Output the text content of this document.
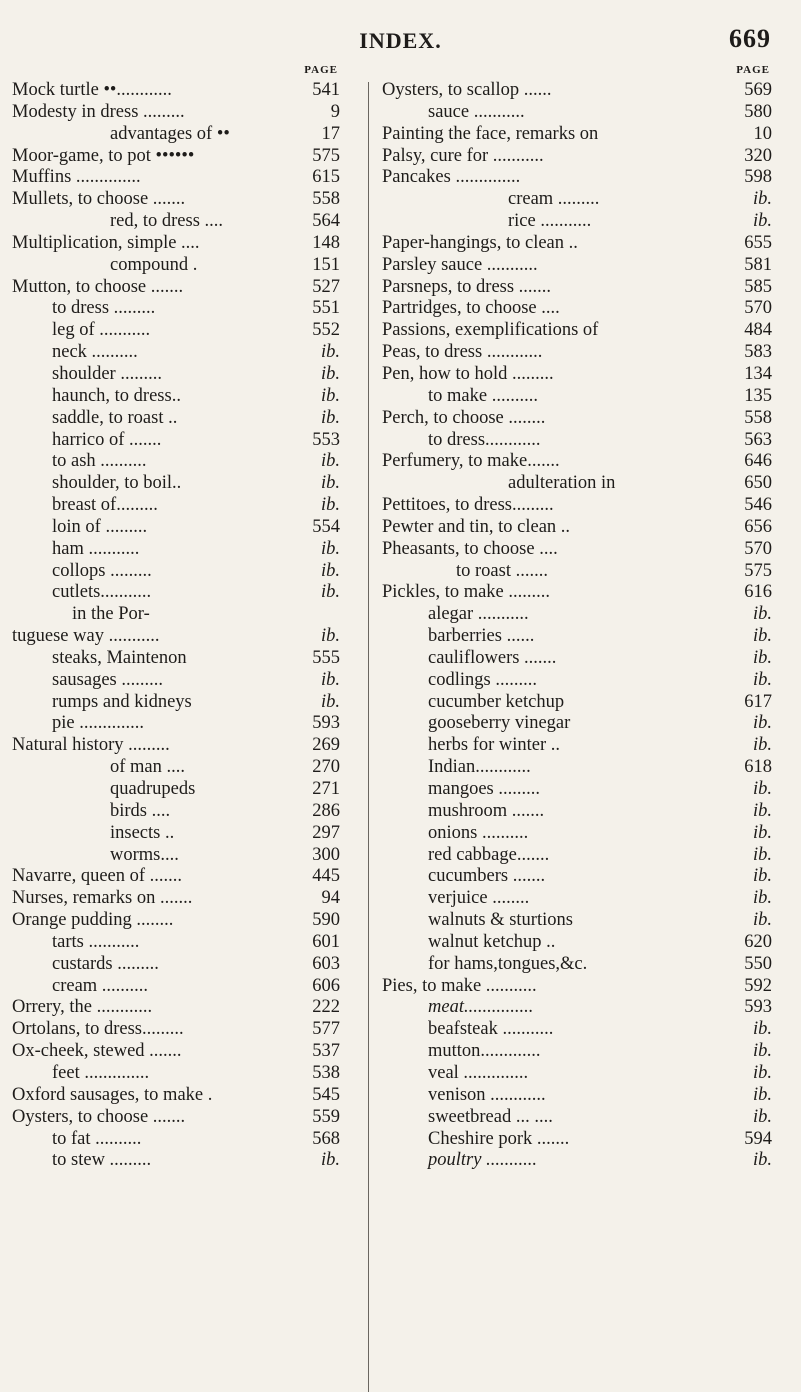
INDEX.	669
PAGE
Mock turtle ••............	541
Modesty in dress .........	9
advantages of ••	17
Moor-game, to pot ••••••	575
Muffins ..............	615
Mullets, to choose .......	558
red, to dress ....	564
Multiplication, simple ....	148
compound .	151
Mutton, to choose .......	527
to dress .........	551
leg of ...........	552
neck ..........	ib.
shoulder .........	ib.
haunch, to dress..	ib.
saddle, to roast ..	ib.
harrico of .......	553
to ash ..........	ib.
shoulder, to boil..	ib.
breast of.........	ib.
loin of .........	554
ham ...........	ib.
collops .........	ib.
cutlets...........	ib.
in the Por-
tuguese way ...........	ib.
steaks, Maintenon	555
sausages .........	ib.
rumps and kidneys	ib.
pie ..............	593
Natural history .........	269
of man ....	270
quadrupeds	271
birds ....	286
insects ..	297
worms....	300
Navarre, queen of .......	445
Nurses, remarks on .......	94
Orange pudding ........	590
tarts ...........	601
custards .........	603
cream ..........	606
Orrery, the ............	222
Ortolans, to dress.........	577
Ox-cheek, stewed .......	537
feet ..............	538
Oxford sausages, to make .	545
Oysters, to choose .......	559
to fat ..........	568
to stew .........	ib.
PAGE
Oysters, to scallop ......	569
sauce ...........	580
Painting the face, remarks on	10
Palsy, cure for ...........	320
Pancakes ..............	598
cream .........	ib.
rice ...........	ib.
Paper-hangings, to clean ..	655
Parsley sauce ...........	581
Parsneps, to dress .......	585
Partridges, to choose ....	570
Passions, exemplifications of	484
Peas, to dress ............	583
Pen, how to hold .........	134
to make ..........	135
Perch, to choose ........	558
to dress............	563
Perfumery, to make.......	646
adulteration in	650
Pettitoes, to dress.........	546
Pewter and tin, to clean ..	656
Pheasants, to choose ....	570
to roast .......	575
Pickles, to make .........	616
alegar ...........	ib.
barberries ......	ib.
cauliflowers .......	ib.
codlings .........	ib.
cucumber ketchup	617
gooseberry vinegar	ib.
herbs for winter ..	ib.
Indian............	618
mangoes .........	ib.
mushroom .......	ib.
onions ..........	ib.
red cabbage.......	ib.
cucumbers .......	ib.
verjuice ........	ib.
walnuts & sturtions	ib.
walnut ketchup ..	620
for hams,tongues,&c.	550
Pies, to make ...........	592
meat...............	593
beafsteak ...........	ib.
mutton.............	ib.
veal ..............	ib.
venison ............	ib.
sweetbread ... ....	ib.
Cheshire pork .......	594
poultry ...........	ib.
